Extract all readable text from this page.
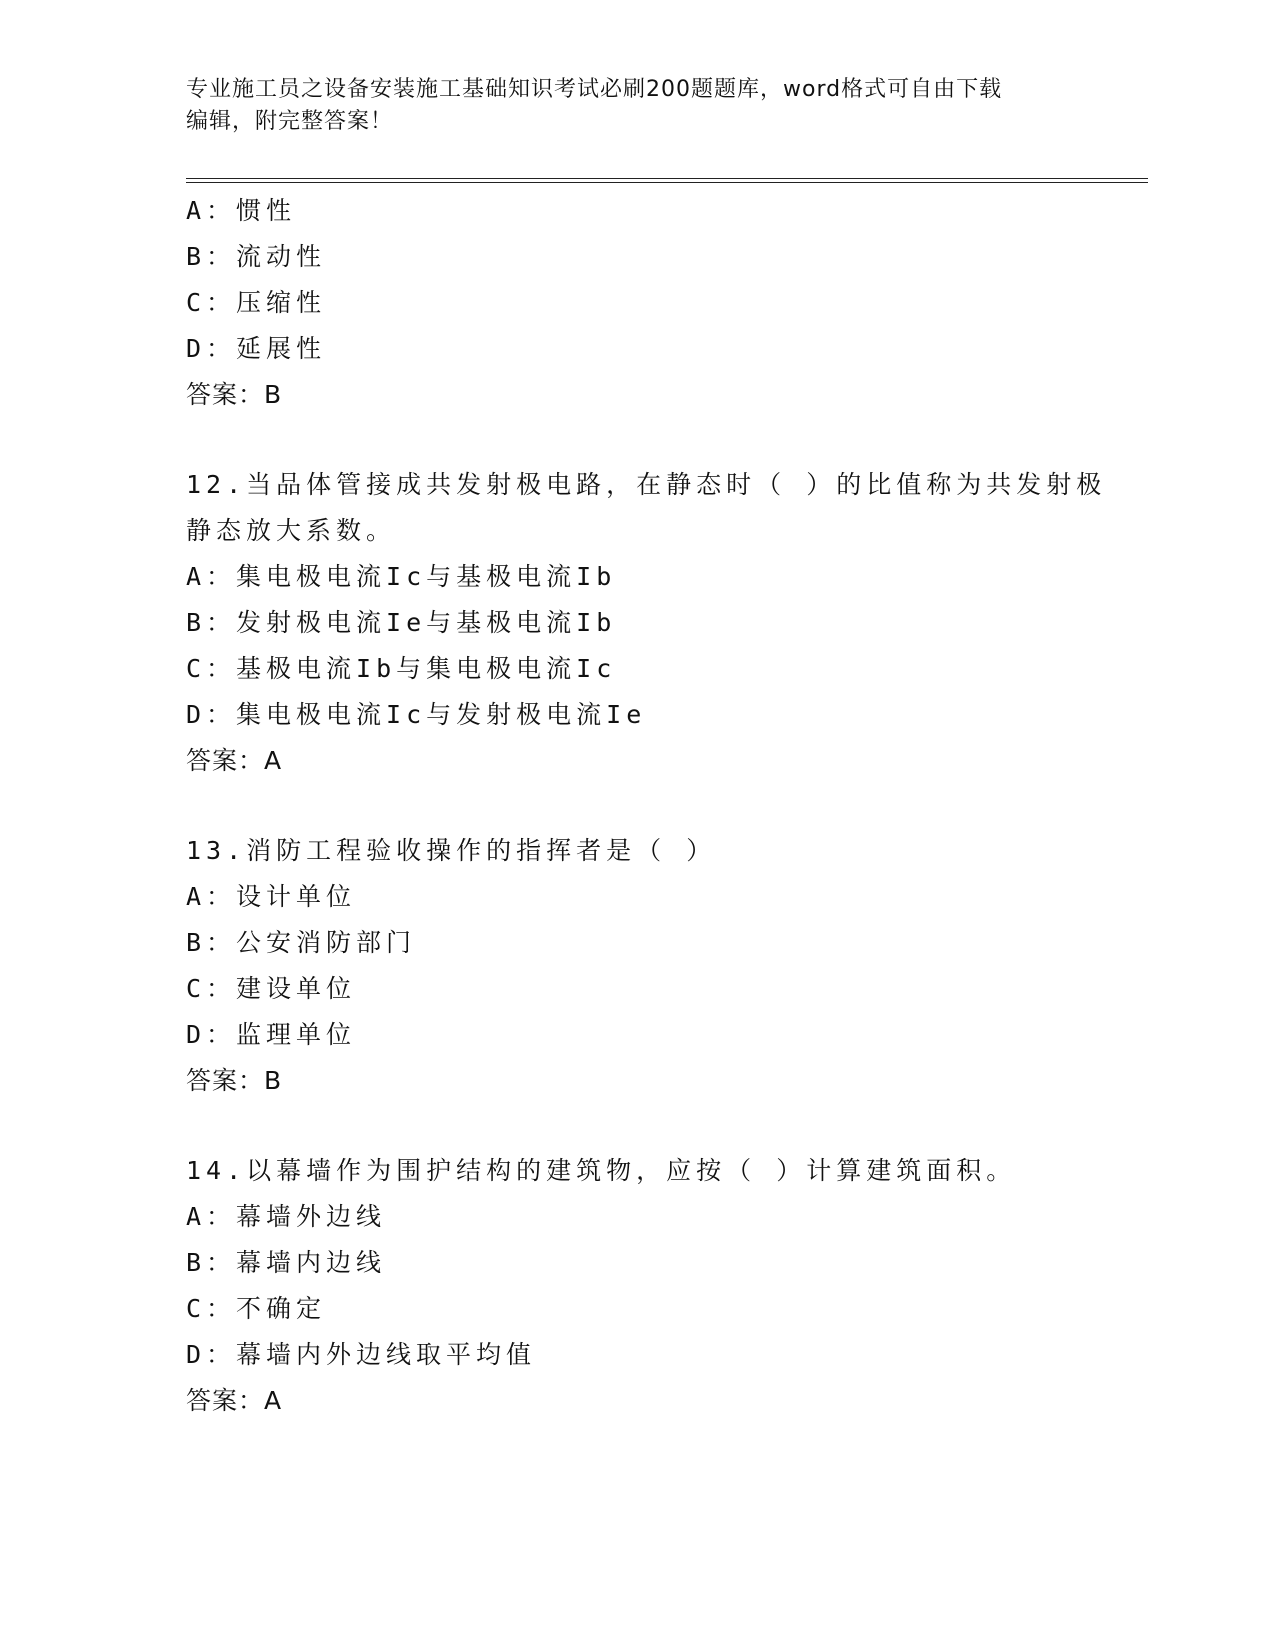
专业施工员之设备安装施工基础知识考试必刷200题题库，word格式可自由下载
编辑，附完整答案！
A：惯性
B：流动性
C：压缩性
D：延展性
答案：B
12.当品体管接成共发射极电路，在静态时（ ）的比值称为共发射极
静态放大系数。
A：集电极电流Ic与基极电流Ib
B：发射极电流Ie与基极电流Ib
C：基极电流Ib与集电极电流Ic
D：集电极电流Ic与发射极电流Ie
答案：A
13.消防工程验收操作的指挥者是（ ）
A：设计单位
B：公安消防部门
C：建设单位
D：监理单位
答案：B
14.以幕墙作为围护结构的建筑物，应按（ ）计算建筑面积。
A：幕墙外边线
B：幕墙内边线
C：不确定
D：幕墙内外边线取平均值
答案：A
